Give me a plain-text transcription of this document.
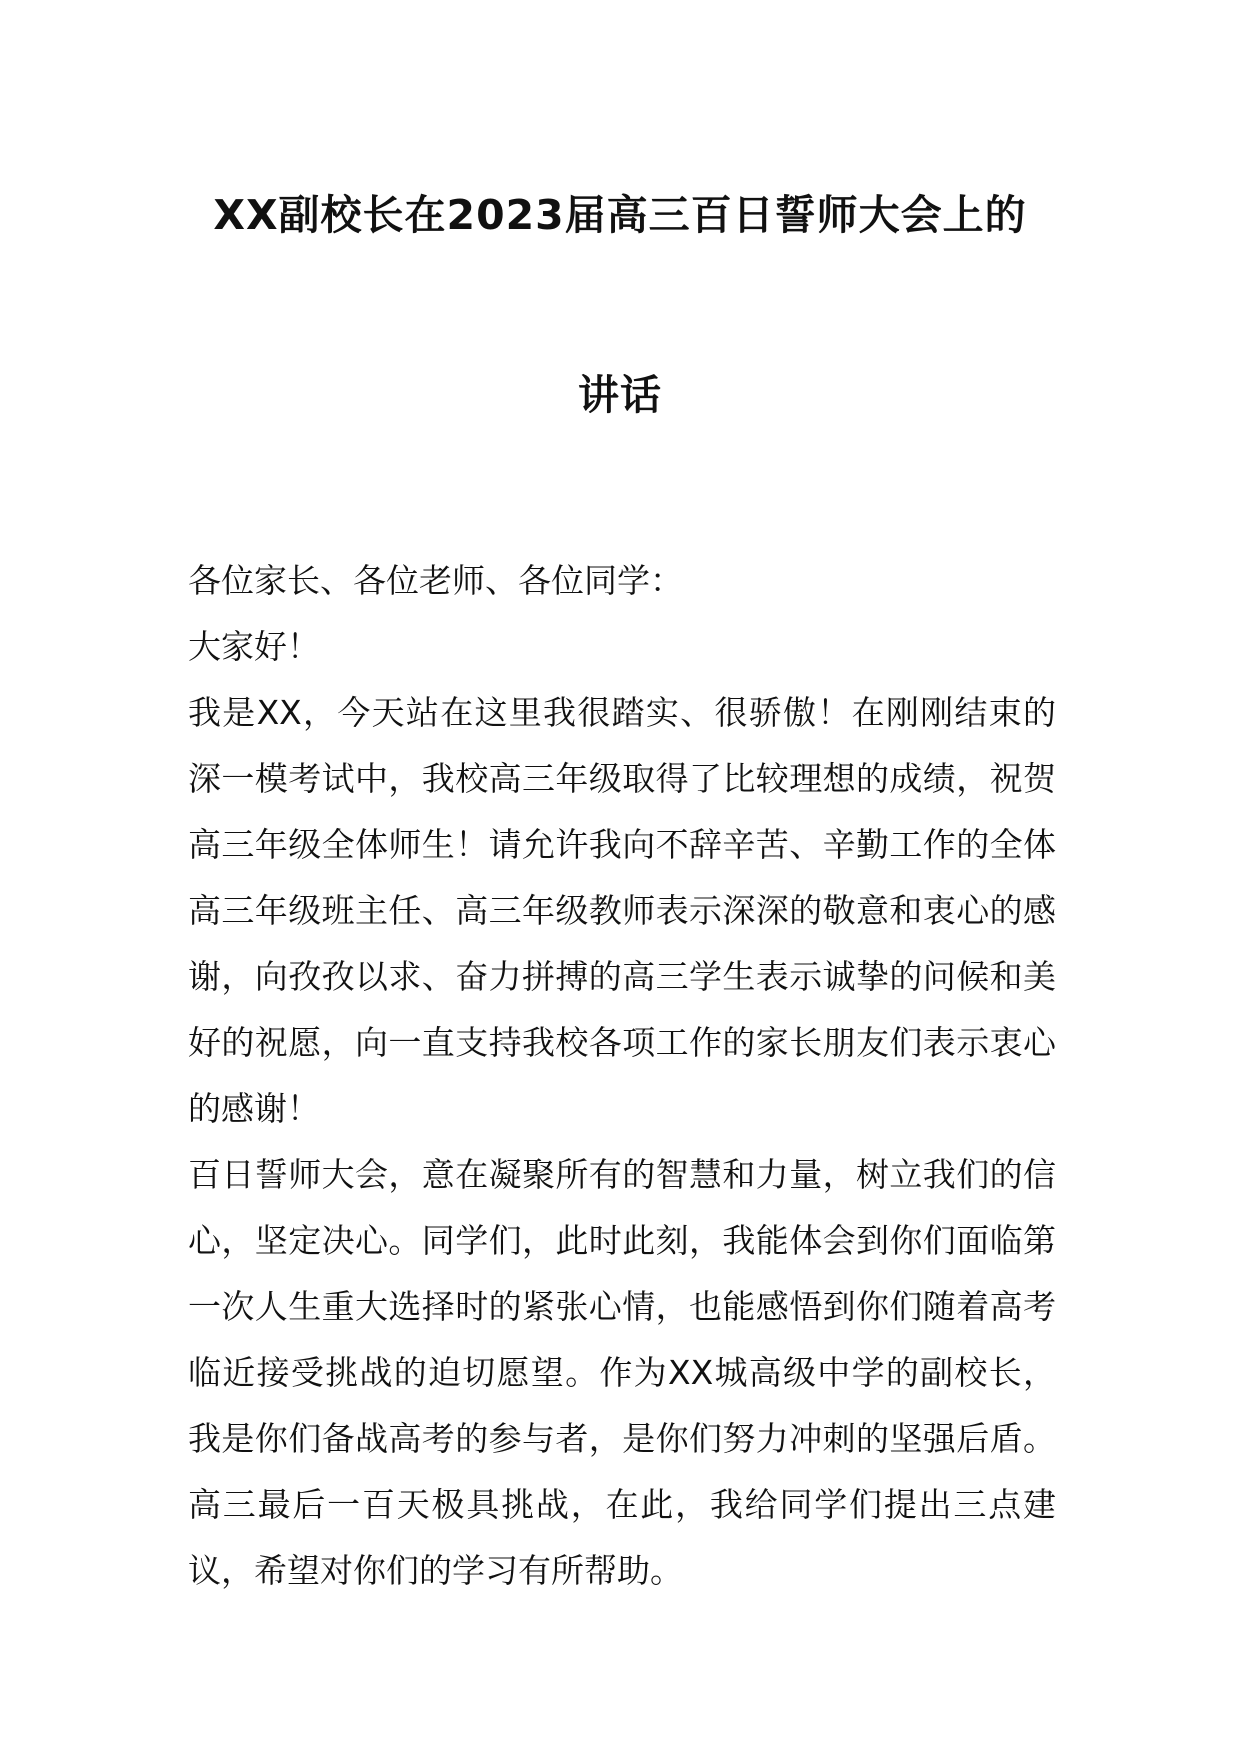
XX副校长在2023届高三百日誓师大会上的
讲话

各位家长、各位老师、各位同学：

大家好！

我是XX，今天站在这里我很踏实、很骄傲！在刚刚结束的深一模考试中，我校高三年级取得了比较理想的成绩，祝贺高三年级全体师生！请允许我向不辞辛苦、辛勤工作的全体高三年级班主任、高三年级教师表示深深的敬意和衷心的感谢，向孜孜以求、奋力拼搏的高三学生表示诚挚的问候和美好的祝愿，向一直支持我校各项工作的家长朋友们表示衷心的感谢！

百日誓师大会，意在凝聚所有的智慧和力量，树立我们的信心，坚定决心。同学们，此时此刻，我能体会到你们面临第一次人生重大选择时的紧张心情，也能感悟到你们随着高考临近接受挑战的迫切愿望。作为XX城高级中学的副校长，我是你们备战高考的参与者，是你们努力冲刺的坚强后盾。高三最后一百天极具挑战，在此，我给同学们提出三点建议，希望对你们的学习有所帮助。
